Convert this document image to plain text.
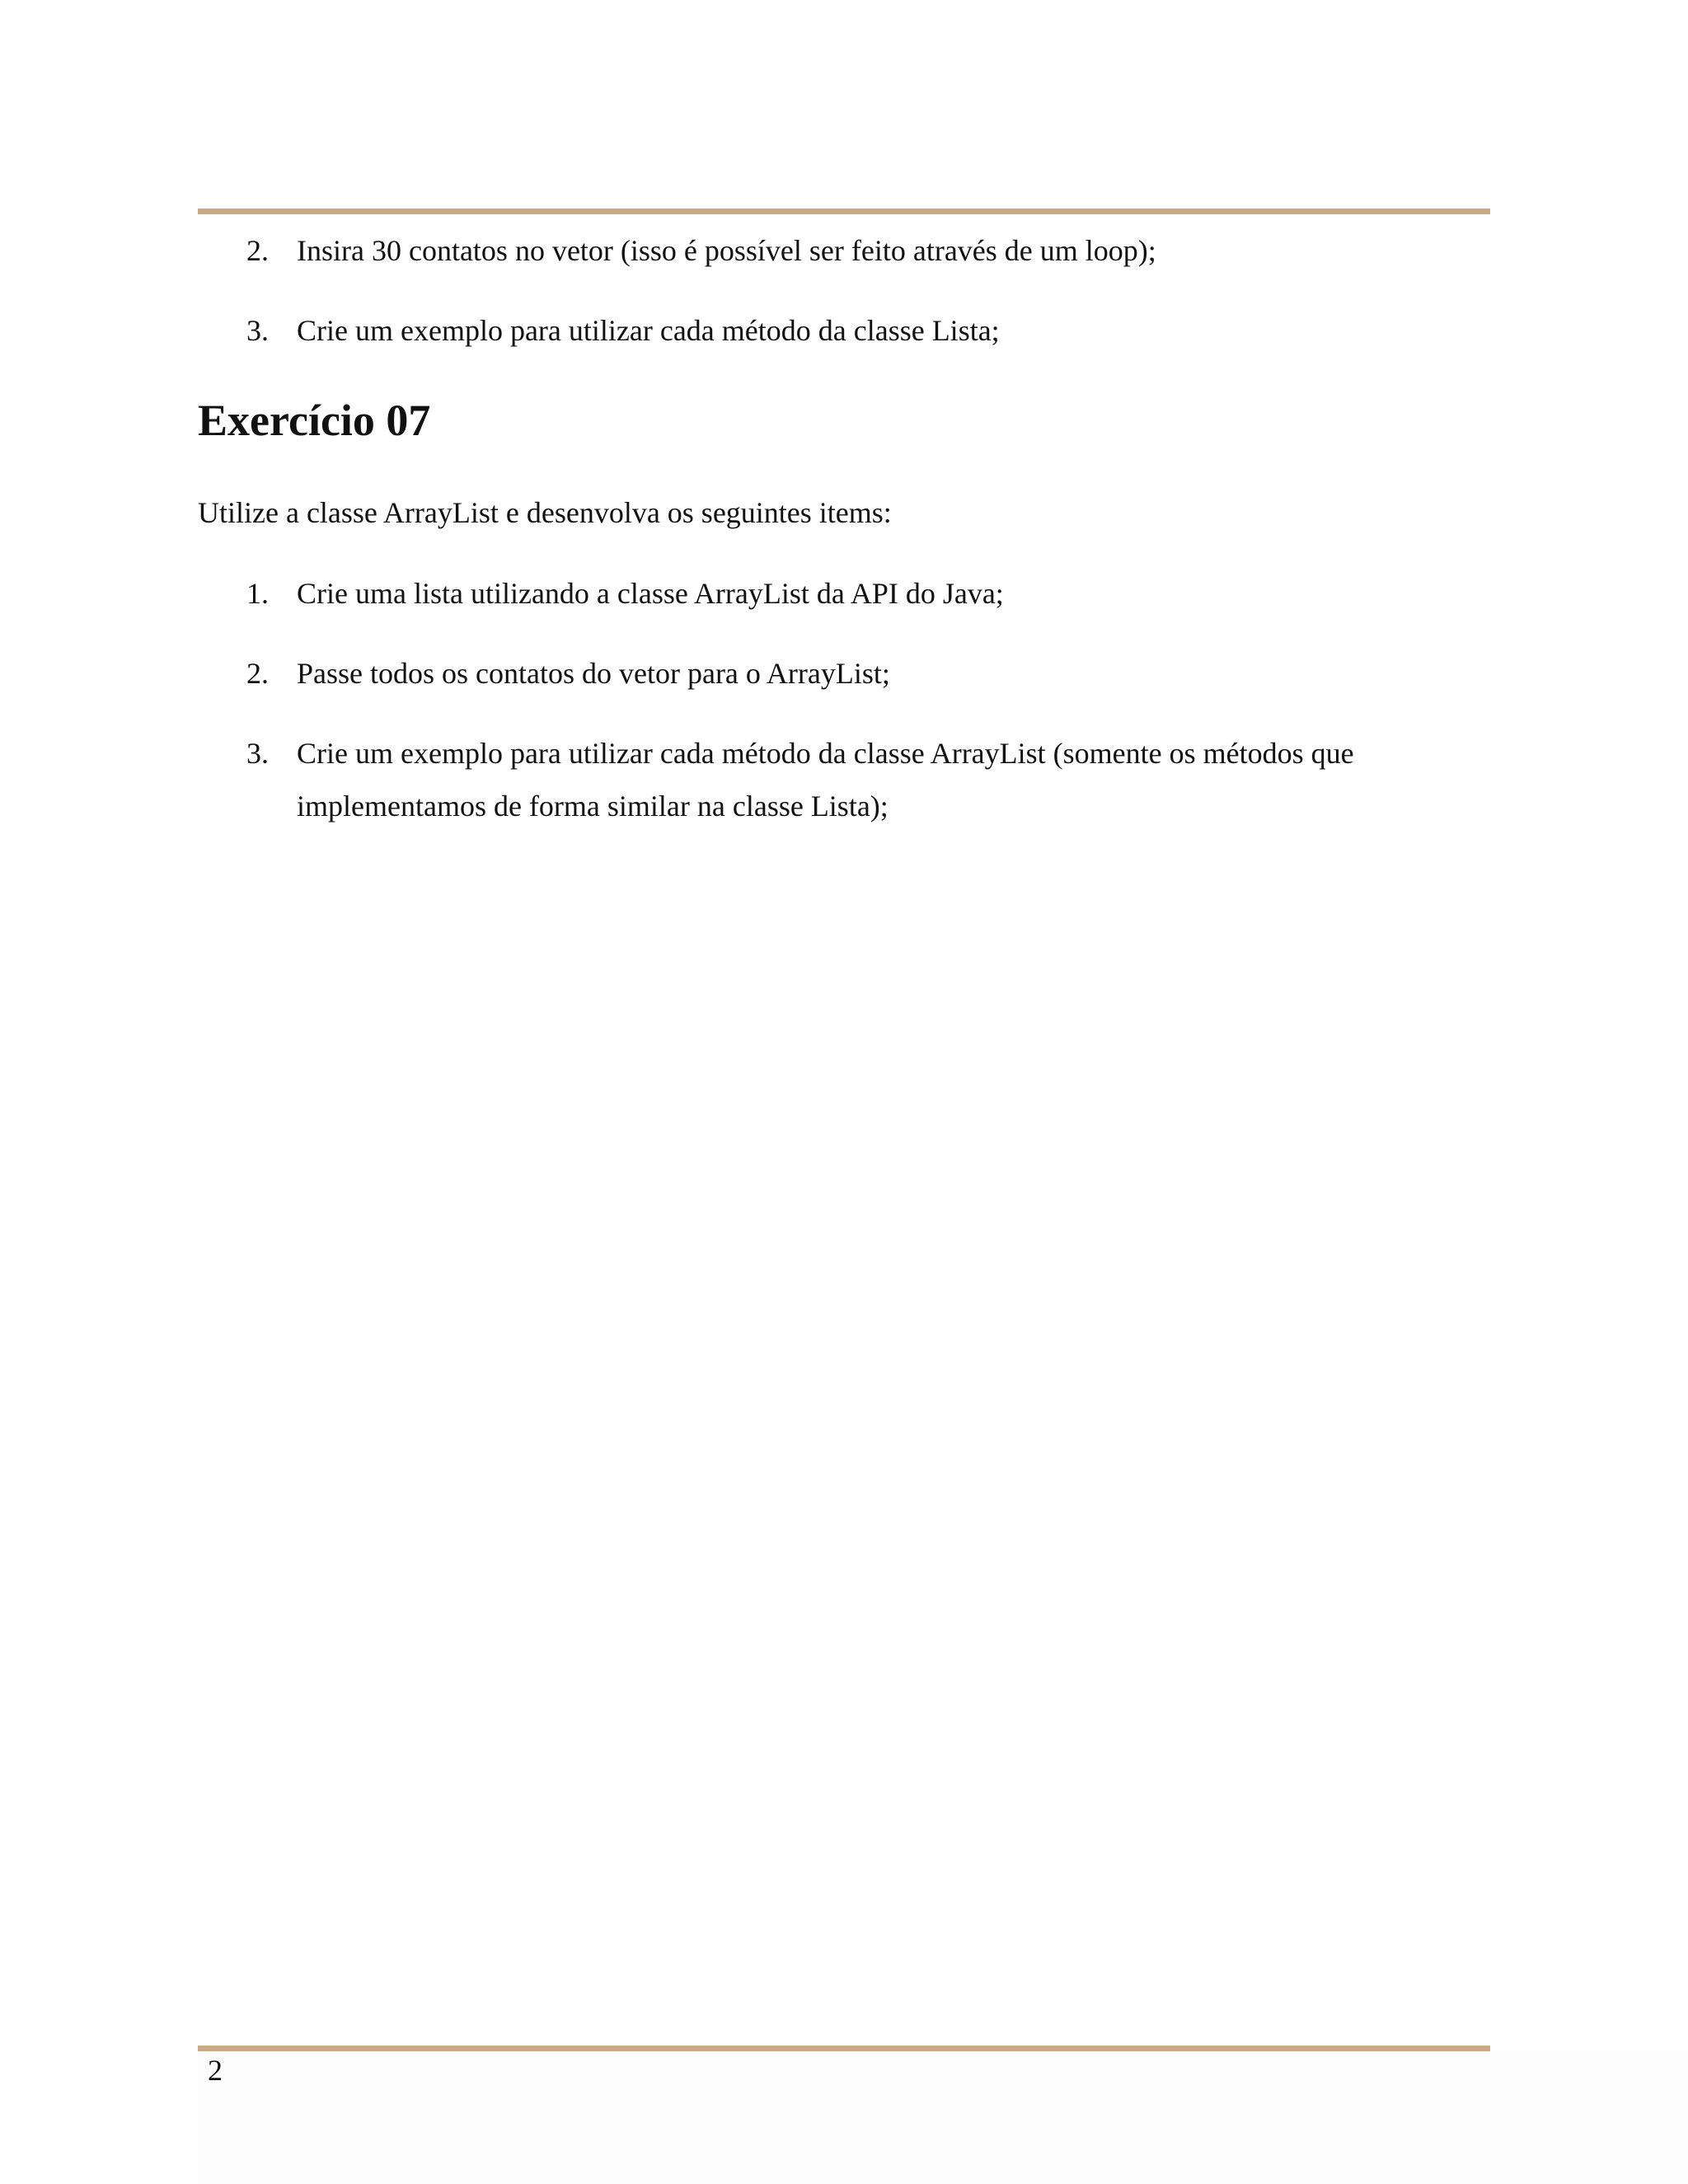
2. Insira 30 contatos no vetor (isso é possível ser feito através de um loop);
3. Crie um exemplo para utilizar cada método da classe Lista;
Exercício 07

Utilize a classe ArrayList e desenvolva os seguintes items:

1. Crie uma lista utilizando a classe ArrayList da API do Java;
2. Passe todos os contatos do vetor para o ArrayList;
3. Crie um exemplo para utilizar cada método da classe ArrayList (somente os métodos que
implementamos de forma similar na classe Lista);
2
